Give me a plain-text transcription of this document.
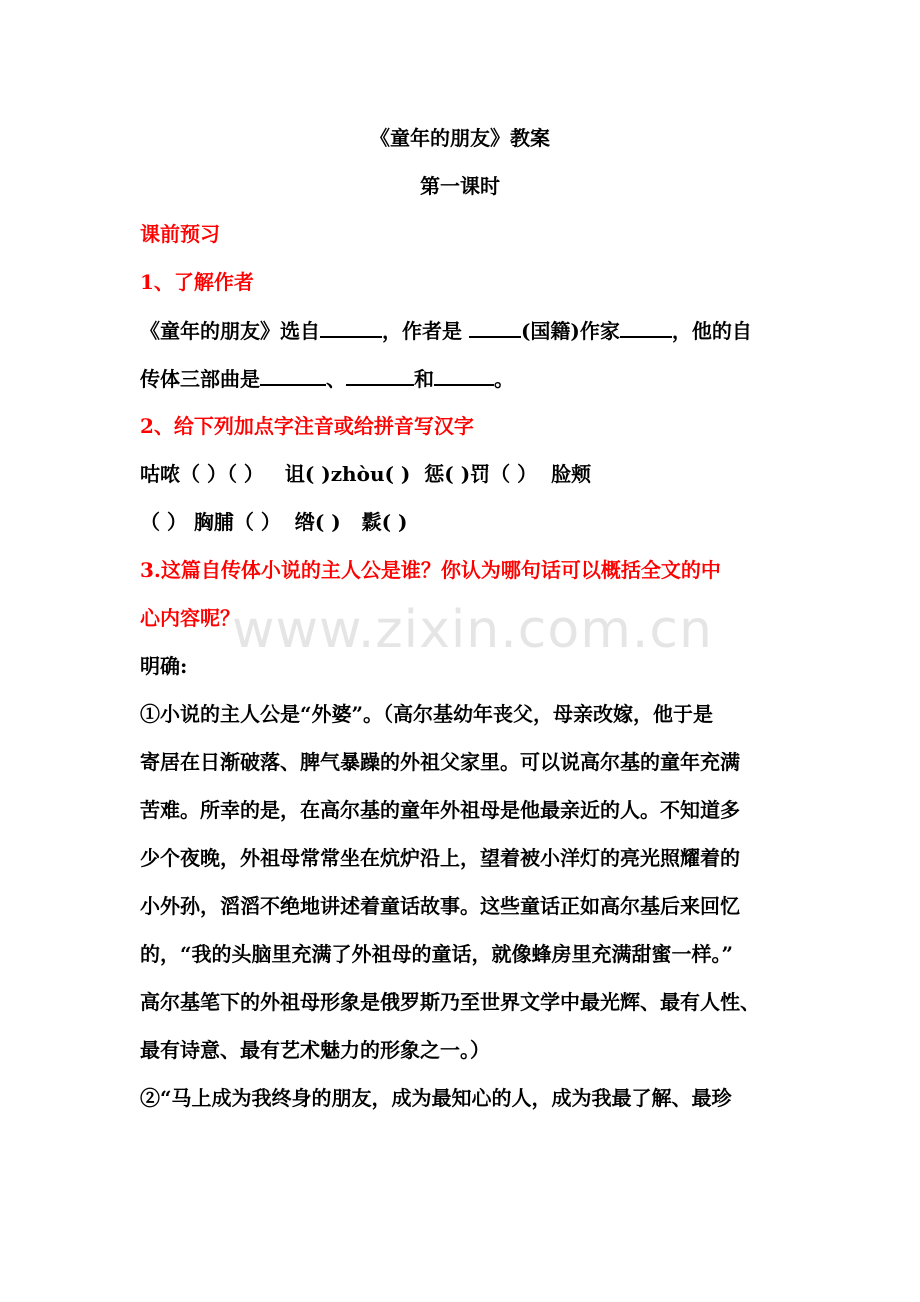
《童年的朋友》教案
第一课时
课前预习
1、了解作者
《童年的朋友》选自	，作者是	(国籍)作家	，他的自
传体三部曲是	、	和	。
2、给下列加点字注音或给拼音写汉字
咕哝（ ）（ ）   诅( )zhòu( )  惩( )罚（ ）  脸颊
（ ） 胸脯（ ）  绺( )   鬏( )
3.这篇自传体小说的主人公是谁？你认为哪句话可以概括全文的中
心内容呢？
明确:
①小说的主人公是“外婆”。（高尔基幼年丧父，母亲改嫁，他于是
寄居在日渐破落、脾气暴躁的外祖父家里。可以说高尔基的童年充满
苦难。所幸的是，在高尔基的童年外祖母是他最亲近的人。不知道多
少个夜晚，外祖母常常坐在炕炉沿上，望着被小洋灯的亮光照耀着的
小外孙，滔滔不绝地讲述着童话故事。这些童话正如高尔基后来回忆
的，“我的头脑里充满了外祖母的童话，就像蜂房里充满甜蜜一样。”
高尔基笔下的外祖母形象是俄罗斯乃至世界文学中最光辉、最有人性、
最有诗意、最有艺术魅力的形象之一。）
②“马上成为我终身的朋友，成为最知心的人，成为我最了解、最珍
www.zixin.com.cn
